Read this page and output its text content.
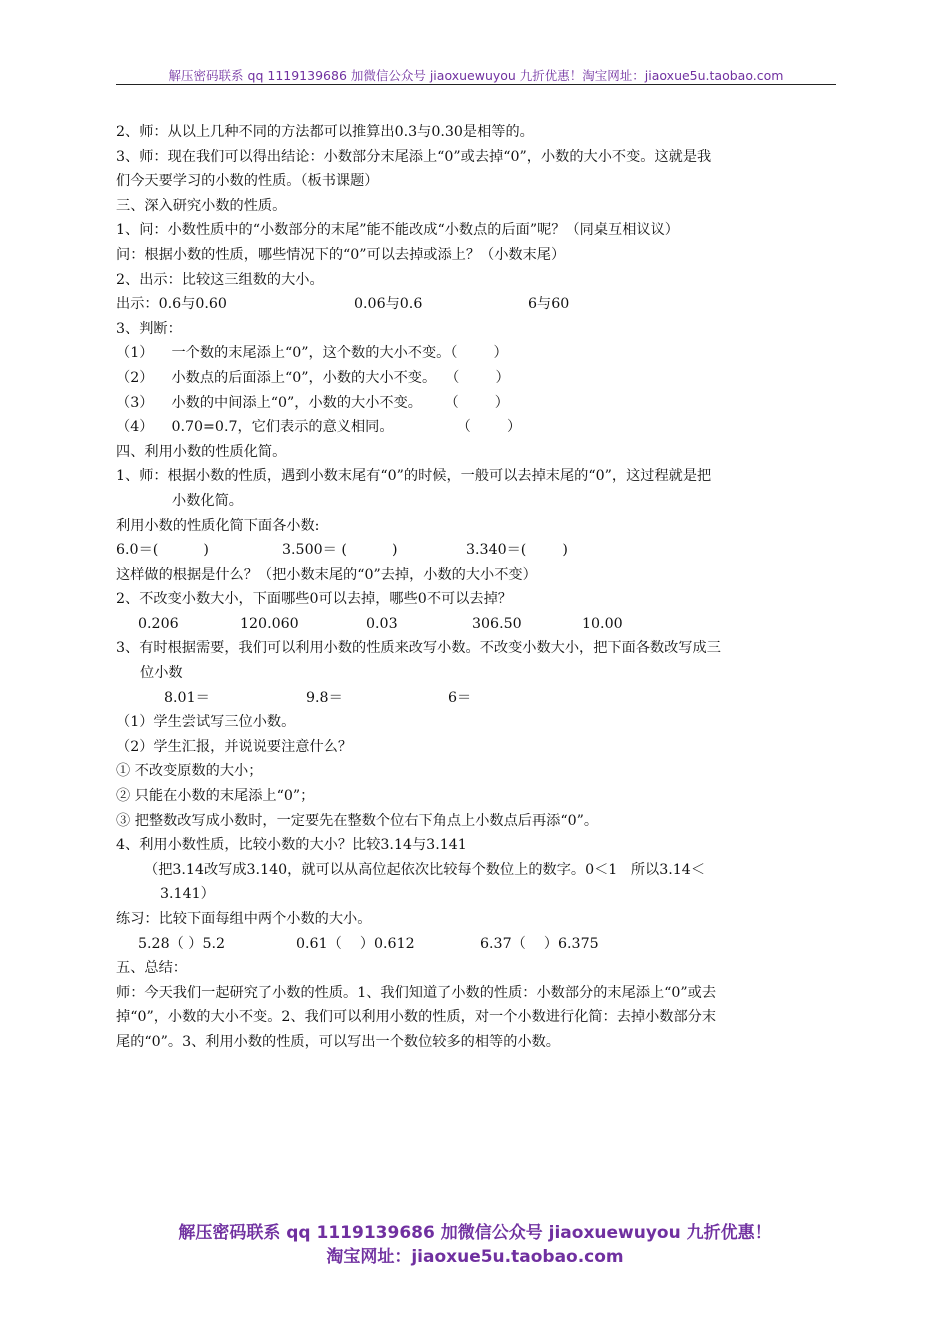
解压密码联系 qq 1119139686 加微信公众号 jiaoxuewuyou 九折优惠！淘宝网址：jiaoxue5u.taobao.com
2、师：从以上几种不同的方法都可以推算出0.3与0.30是相等的。
3、师：现在我们可以得出结论：小数部分末尾添上“0”或去掉“0”，小数的大小不变。这就是我
们今天要学习的小数的性质。（板书课题）
三、深入研究小数的性质。
1、问：小数性质中的“小数部分的末尾”能不能改成“小数点的后面”呢？（同桌互相议议）
问：根据小数的性质，哪些情况下的“0”可以去掉或添上？（小数末尾）
2、出示：比较这三组数的大小。
出示：0.6与0.60	0.06与0.6	6与60
3、判断：
（1）    一个数的末尾添上“0”，这个数的大小不变。（        ）
（2）    小数点的后面添上“0”，小数的大小不变。  （        ）
（3）    小数的中间添上“0”，小数的大小不变。     （        ）
（4）    0.70=0.7，它们表示的意义相同。              （        ）
四、利用小数的性质化简。
1、师：根据小数的性质，遇到小数末尾有“0”的时候，一般可以去掉末尾的“0”，这过程就是把
小数化简。
利用小数的性质化简下面各小数:
6.0＝(          )	3.500＝ (          )	3.340＝(        )
这样做的根据是什么？（把小数末尾的“0”去掉，小数的大小不变）
2、不改变小数大小，下面哪些0可以去掉，哪些0不可以去掉？
0.206	120.060	0.03	306.50	10.00
3、有时根据需要，我们可以利用小数的性质来改写小数。不改变小数大小，把下面各数改写成三
位小数
8.01＝	9.8＝	6＝
（1）学生尝试写三位小数。
（2）学生汇报，并说说要注意什么？
① 不改变原数的大小；
② 只能在小数的末尾添上“0”；
③ 把整数改写成小数时，一定要先在整数个位右下角点上小数点后再添“0”。
4、利用小数性质，比较小数的大小？比较3.14与3.141
（把3.14改写成3.140，就可以从高位起依次比较每个数位上的数字。0＜1   所以3.14＜
3.141）
练习：比较下面每组中两个小数的大小。
5.28（ ）5.2	0.61（    ）0.612	6.37（    ）6.375
五、总结：
师：今天我们一起研究了小数的性质。1、我们知道了小数的性质：小数部分的末尾添上“0”或去
掉“0”，小数的大小不变。2、我们可以利用小数的性质，对一个小数进行化简：去掉小数部分末
尾的“0”。3、利用小数的性质，可以写出一个数位较多的相等的小数。
解压密码联系 qq 1119139686 加微信公众号 jiaoxuewuyou 九折优惠！
淘宝网址：jiaoxue5u.taobao.com
